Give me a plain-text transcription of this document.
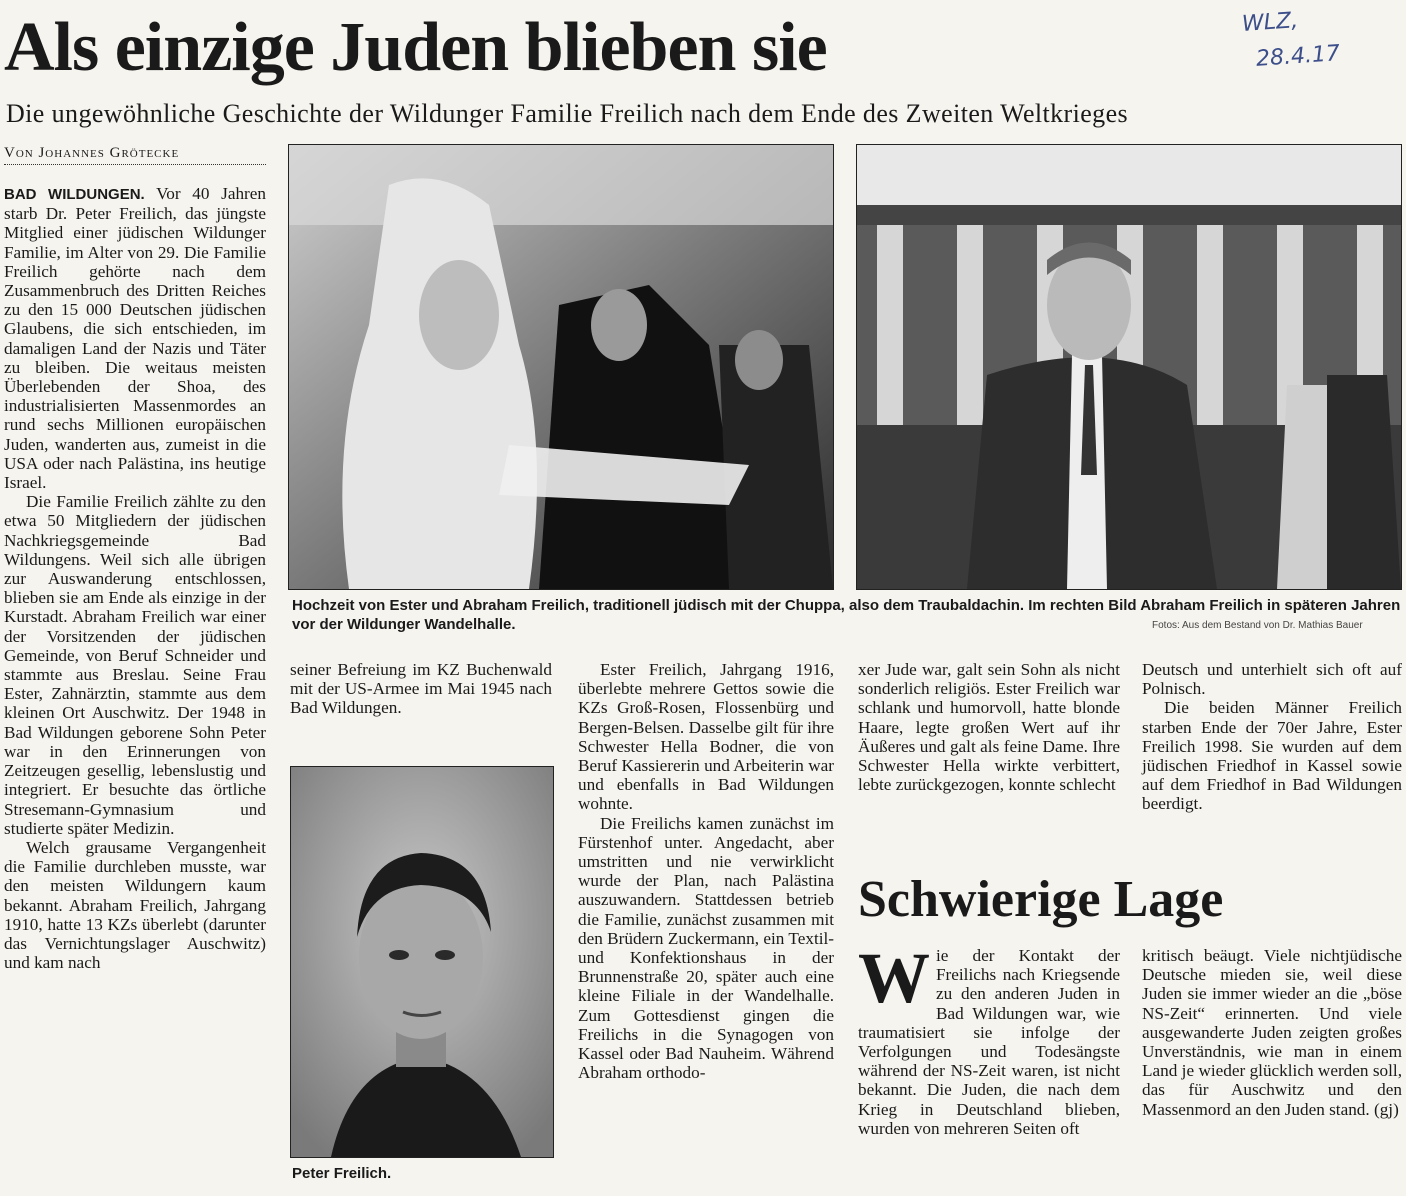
Als einzige Juden blieben sie	WLZ,
28.4.17
Die ungewöhnliche Geschichte der Wildunger Familie Freilich nach dem Ende des Zweiten Weltkrieges
Von Johannes Grötecke

BAD WILDUNGEN. Vor 40 Jahren starb Dr. Peter Freilich, das jüngste Mitglied einer jüdischen Wildunger Familie, im Alter von 29. Die Familie Freilich gehörte nach dem Zusammenbruch des Dritten Reiches zu den 15 000 Deutschen jüdischen Glaubens, die sich entschieden, im damaligen Land der Nazis und Täter zu bleiben. Die weitaus meisten Überlebenden der Shoa, des industrialisierten Massenmordes an rund sechs Millionen europäischen Juden, wanderten aus, zumeist in die USA oder nach Palästina, ins heutige Israel.

Die Familie Freilich zählte zu den etwa 50 Mitgliedern der jüdischen Nachkriegsgemeinde Bad Wildungens. Weil sich alle übrigen zur Auswanderung entschlossen, blieben sie am Ende als einzige in der Kurstadt. Abraham Freilich war einer der Vorsitzenden der jüdischen Gemeinde, von Beruf Schneider und stammte aus Breslau. Seine Frau Ester, Zahnärztin, stammte aus dem kleinen Ort Auschwitz. Der 1948 in Bad Wildungen geborene Sohn Peter war in den Erinnerungen von Zeitzeugen gesellig, lebenslustig und integriert. Er besuchte das örtliche Stresemann-Gymnasium und studierte später Medizin.

Welch grausame Vergangenheit die Familie durchleben musste, war den meisten Wildungern kaum bekannt. Abraham Freilich, Jahrgang 1910, hatte 13 KZs überlebt (darunter das Vernichtungslager Auschwitz) und kam nach

Hochzeit von Ester und Abraham Freilich, traditionell jüdisch mit der Chuppa, also dem Traubaldachin. Im rechten Bild Abraham Freilich in späteren Jahren vor der Wildunger Wandelhalle.	Fotos: Aus dem Bestand von Dr. Mathias Bauer

seiner Befreiung im KZ Buchenwald mit der US-Armee im Mai 1945 nach Bad Wildungen.

Peter Freilich.

Ester Freilich, Jahrgang 1916, überlebte mehrere Gettos sowie die KZs Groß-Rosen, Flossenbürg und Bergen-Belsen. Dasselbe gilt für ihre Schwester Hella Bodner, die von Beruf Kassiererin und Arbeiterin war und ebenfalls in Bad Wildungen wohnte.

Die Freilichs kamen zunächst im Fürstenhof unter. Angedacht, aber umstritten und nie verwirklicht wurde der Plan, nach Palästina auszuwandern. Stattdessen betrieb die Familie, zunächst zusammen mit den Brüdern Zuckermann, ein Textil- und Konfektionshaus in der Brunnenstraße 20, später auch eine kleine Filiale in der Wandelhalle. Zum Gottesdienst gingen die Freilichs in die Synagogen von Kassel oder Bad Nauheim. Während Abraham orthodo-

xer Jude war, galt sein Sohn als nicht sonderlich religiös. Ester Freilich war schlank und humorvoll, hatte blonde Haare, legte großen Wert auf ihr Äußeres und galt als feine Dame. Ihre Schwester Hella wirkte verbittert, lebte zurückgezogen, konnte schlecht

Deutsch und unterhielt sich oft auf Polnisch.

Die beiden Männer Freilich starben Ende der 70er Jahre, Ester Freilich 1998. Sie wurden auf dem jüdischen Friedhof in Kassel sowie auf dem Friedhof in Bad Wildungen beerdigt.

Schwierige Lage

Wie der Kontakt der Freilichs nach Kriegsende zu den anderen Juden in Bad Wildungen war, wie traumatisiert sie infolge der Verfolgungen und Todesängste während der NS-Zeit waren, ist nicht bekannt. Die Juden, die nach dem Krieg in Deutschland blieben, wurden von mehreren Seiten oft

kritisch beäugt. Viele nichtjüdische Deutsche mieden sie, weil diese Juden sie immer wieder an die „böse NS-Zeit“ erinnerten. Und viele ausgewanderte Juden zeigten großes Unverständnis, wie man in einem Land je wieder glücklich werden soll, das für Auschwitz und den Massenmord an den Juden stand. (gj)
